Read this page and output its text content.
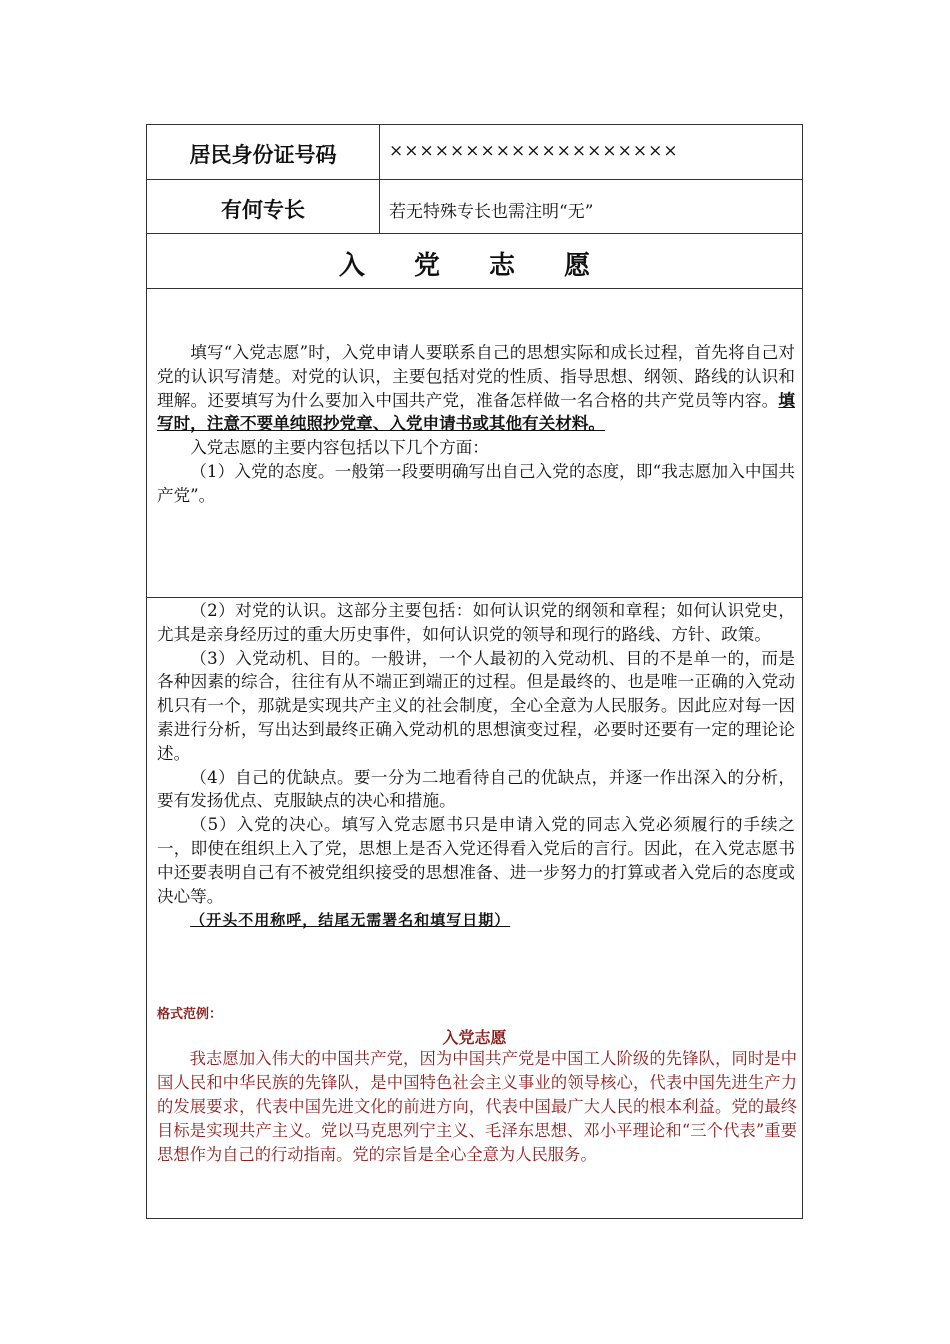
居民身份证号码	×××××××××××××××××××
有何专长	若无特殊专长也需注明“无”
入 党 志 愿

填写“入党志愿”时，入党申请人要联系自己的思想实际和成长过程，首先将自己对党的认识写清楚。对党的认识，主要包括对党的性质、指导思想、纲领、路线的认识和理解。还要填写为什么要加入中国共产党，准备怎样做一名合格的共产党员等内容。填写时，注意不要单纯照抄党章、入党申请书或其他有关材料。

入党志愿的主要内容包括以下几个方面：

（1）入党的态度。一般第一段要明确写出自己入党的态度，即“我志愿加入中国共产党”。

（2）对党的认识。这部分主要包括：如何认识党的纲领和章程；如何认识党史，尤其是亲身经历过的重大历史事件，如何认识党的领导和现行的路线、方针、政策。

（3）入党动机、目的。一般讲，一个人最初的入党动机、目的不是单一的，而是各种因素的综合，往往有从不端正到端正的过程。但是最终的、也是唯一正确的入党动机只有一个，那就是实现共产主义的社会制度，全心全意为人民服务。因此应对每一因素进行分析，写出达到最终正确入党动机的思想演变过程，必要时还要有一定的理论论述。

（4）自己的优缺点。要一分为二地看待自己的优缺点，并逐一作出深入的分析，要有发扬优点、克服缺点的决心和措施。

（5）入党的决心。填写入党志愿书只是申请入党的同志入党必须履行的手续之一，即使在组织上入了党，思想上是否入党还得看入党后的言行。因此，在入党志愿书中还要表明自己有不被党组织接受的思想准备、进一步努力的打算或者入党后的态度或决心等。

（开头不用称呼，结尾无需署名和填写日期）

格式范例：
入党志愿

我志愿加入伟大的中国共产党，因为中国共产党是中国工人阶级的先锋队，同时是中国人民和中华民族的先锋队，是中国特色社会主义事业的领导核心，代表中国先进生产力的发展要求，代表中国先进文化的前进方向，代表中国最广大人民的根本利益。党的最终目标是实现共产主义。党以马克思列宁主义、毛泽东思想、邓小平理论和“三个代表”重要思想作为自己的行动指南。党的宗旨是全心全意为人民服务。
